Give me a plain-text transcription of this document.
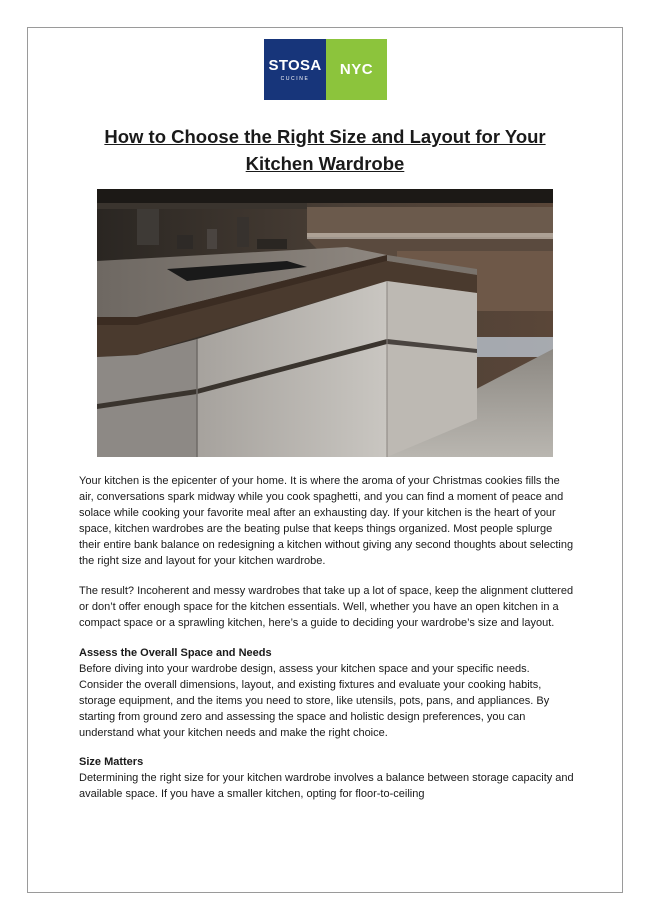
STOSA
CUCINE
NYC
How to Choose the Right Size and Layout for Your Kitchen Wardrobe

Your kitchen is the epicenter of your home. It is where the aroma of your Christmas cookies fills the air, conversations spark midway while you cook spaghetti, and you can find a moment of peace and solace while cooking your favorite meal after an exhausting day. If your kitchen is the heart of your space, kitchen wardrobes are the beating pulse that keeps things organized. Most people splurge their entire bank balance on redesigning a kitchen without giving any second thoughts about selecting the right size and layout for your kitchen wardrobe.

The result? Incoherent and messy wardrobes that take up a lot of space, keep the alignment cluttered or don’t offer enough space for the kitchen essentials. Well, whether you have an open kitchen in a compact space or a sprawling kitchen, here’s a guide to deciding your wardrobe’s size and layout.

Assess the Overall Space and Needs

Before diving into your wardrobe design, assess your kitchen space and your specific needs. Consider the overall dimensions, layout, and existing fixtures and evaluate your cooking habits, storage equipment, and the items you need to store, like utensils, pots, pans, and appliances. By starting from ground zero and assessing the space and holistic design preferences, you can understand what your kitchen needs and make the right choice.

Size Matters

Determining the right size for your kitchen wardrobe involves a balance between storage capacity and available space. If you have a smaller kitchen, opting for floor-to-ceiling
